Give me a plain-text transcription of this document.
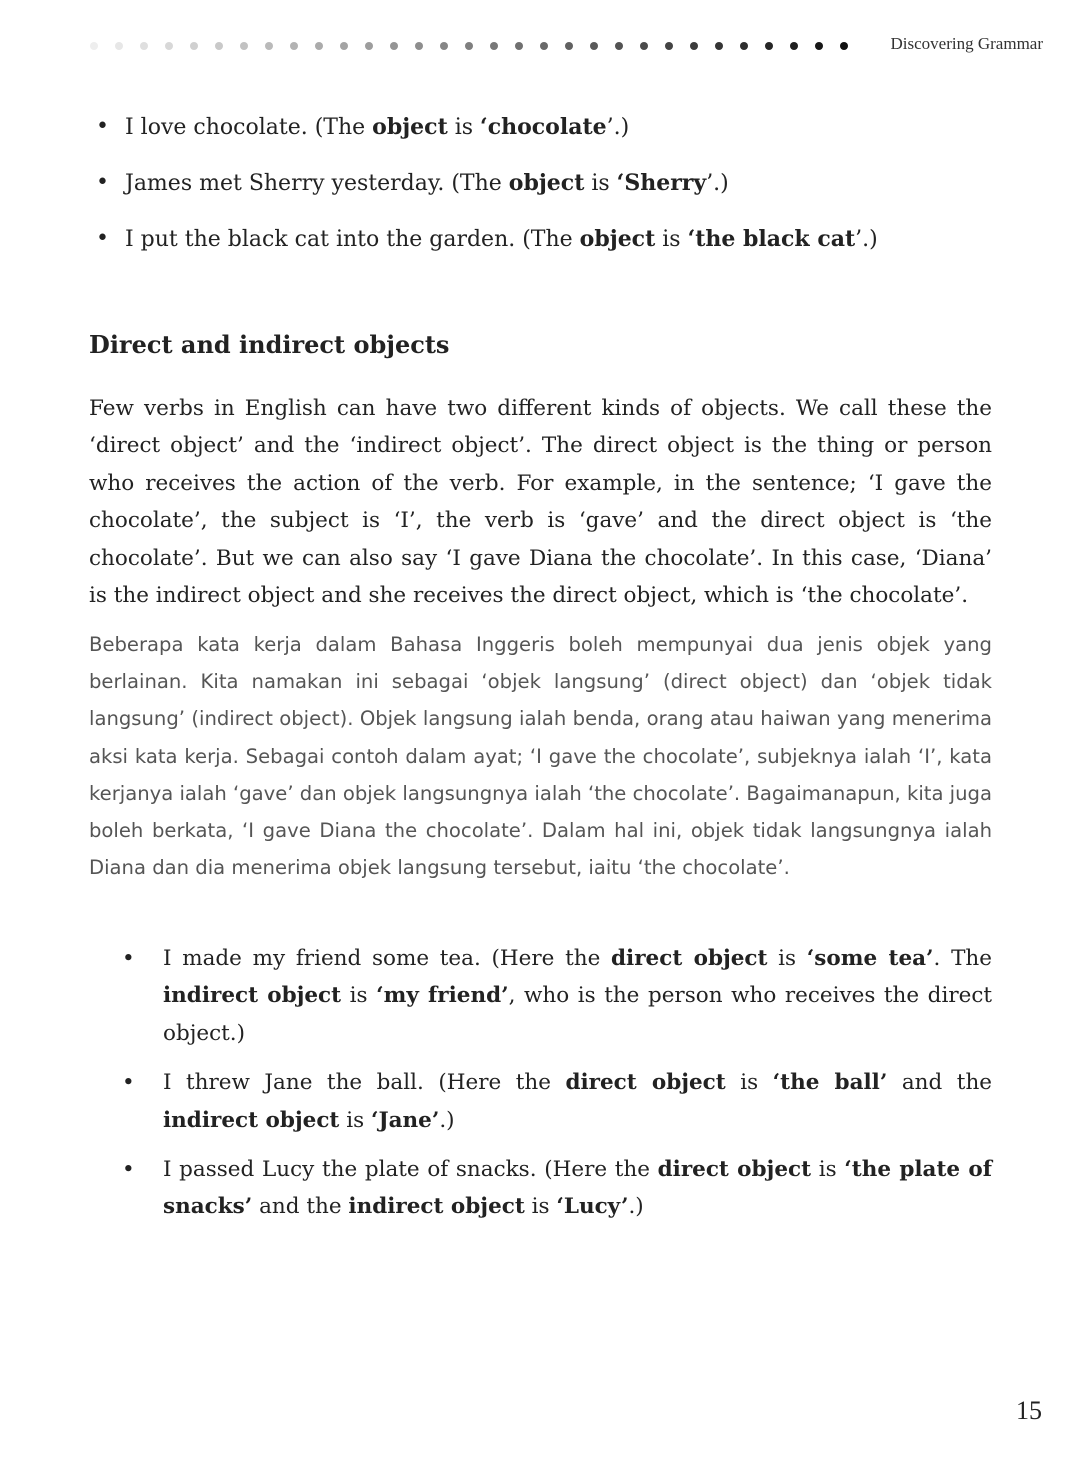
Discovering Grammar
• I love chocolate. (The object is ‘chocolate’.)
• James met Sherry yesterday. (The object is ‘Sherry’.)
• I put the black cat into the garden. (The object is ‘the black cat’.)
Direct and indirect objects

Few verbs in English can have two different kinds of objects. We call these the ‘direct object’ and the ‘indirect object’. The direct object is the thing or person who receives the action of the verb. For example, in the sentence; ‘I gave the chocolate’, the subject is ‘I’, the verb is ‘gave’ and the direct object is ‘the chocolate’. But we can also say ‘I gave Diana the chocolate’. In this case, ‘Diana’ is the indirect object and she receives the direct object, which is ‘the chocolate’.

Beberapa kata kerja dalam Bahasa Inggeris boleh mempunyai dua jenis objek yang berlainan. Kita namakan ini sebagai ‘objek langsung’ (direct object) dan ‘objek tidak langsung’ (indirect object). Objek langsung ialah benda, orang atau haiwan yang menerima aksi kata kerja. Sebagai contoh dalam ayat; ‘I gave the chocolate’, subjeknya ialah ‘I’, kata kerjanya ialah ‘gave’ dan objek langsungnya ialah ‘the chocolate’. Bagaimanapun, kita juga boleh berkata, ‘I gave Diana the chocolate’. Dalam hal ini, objek tidak langsungnya ialah Diana dan dia menerima objek langsung tersebut, iaitu ‘the chocolate’.

• I made my friend some tea. (Here the direct object is ‘some tea’. The indirect object is ‘my friend’, who is the person who receives the direct object.)
• I threw Jane the ball. (Here the direct object is ‘the ball’ and the indirect object is ‘Jane’.)
• I passed Lucy the plate of snacks. (Here the direct object is ‘the plate of snacks’ and the indirect object is ‘Lucy’.)
15
